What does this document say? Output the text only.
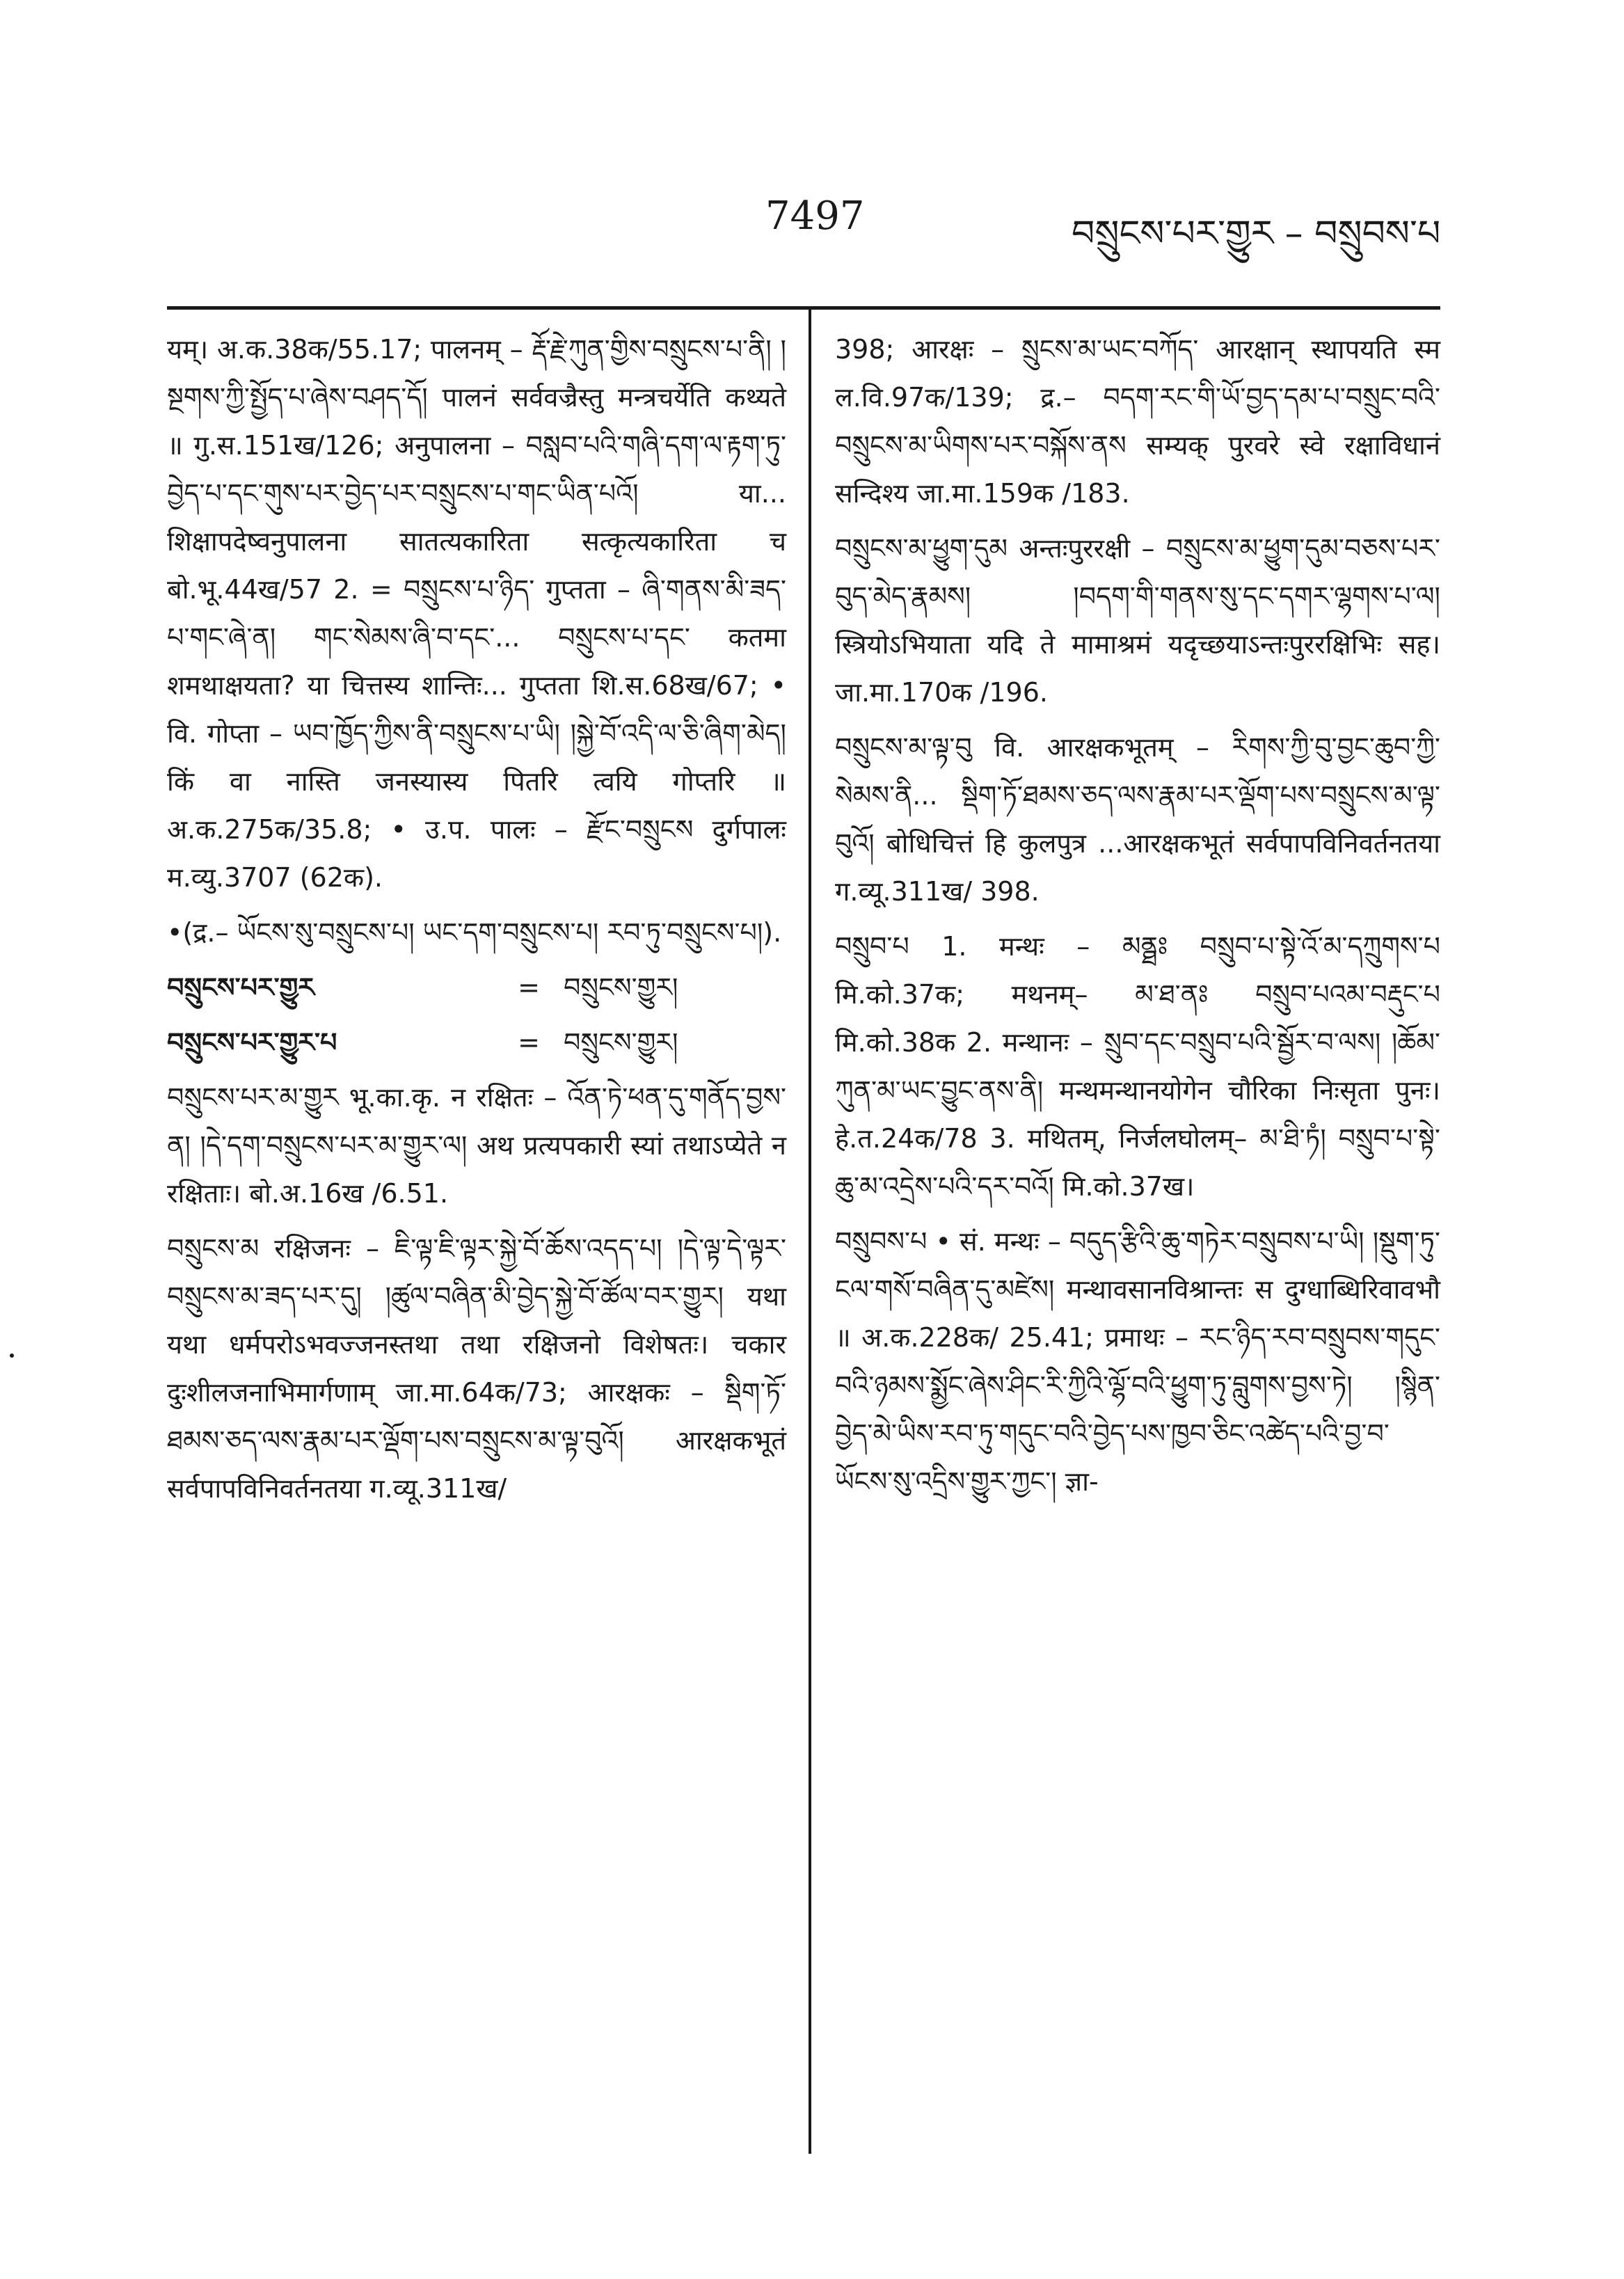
7497	བསྲུངས་པར་གྱུར – བསྲུབས་པ

यम्। अ.क.38क/55.17; पालनम् – རྡོ་རྗེ་ཀུན་གྱིས་བསྲུངས་པ་ནི། །སྔགས་ཀྱི་སྤྱོད་པ་ཞེས་བཤད་དོ། पालनं सर्ववज्रैस्तु मन्त्रचर्येति कथ्यते ॥ गु.स.151ख/126; अनुपालना – བསླབ་པའི་གཞི་དག་ལ་རྟག་ཏུ་བྱེད་པ་དང་གུས་པར་བྱེད་པར་བསྲུངས་པ་གང་ཡིན་པའོ། या... शिक्षापदेष्वनुपालना सातत्यकारिता सत्कृत्यकारिता च बो.भू.44ख/57 2. = བསྲུངས་པ་ཉིད་ गुप्तता – ཞི་གནས་མི་ཟད་པ་གང་ཞེ་ན། གང་སེམས་ཞི་བ་དང་... བསྲུངས་པ་དང་ कतमा शमथाक्षयता? या चित्तस्य शान्तिः... गुप्तता शि.स.68ख/67; • वि. गोप्ता – ཡབ་ཁྱོད་ཀྱིས་ནི་བསྲུངས་པ་ཡི། །སྐྱེ་བོ་འདི་ལ་ཅི་ཞིག་མེད། किं वा नास्ति जनस्यास्य पितरि त्वयि गोप्तरि ॥ अ.क.275क/35.8; • उ.प. पालः – རྫོང་བསྲུངས दुर्गपालः म.व्यु.3707 (62क).

•(द्र.– ཡོངས་སུ་བསྲུངས་པ། ཡང་དག་བསྲུངས་པ། རབ་ཏུ་བསྲུངས་པ།).

བསྲུངས་པར་གྱུར	= བསྲུངས་གྱུར།
བསྲུངས་པར་གྱུར་པ	= བསྲུངས་གྱུར།

བསྲུངས་པར་མ་གྱུར भू.का.कृ. न रक्षितः – འོན་ཏེ་ཕན་དུ་གནོད་བྱས་ན། །དེ་དག་བསྲུངས་པར་མ་གྱུར་ལ། अथ प्रत्यपकारी स्यां तथाऽप्येते न रक्षिताः। बो.अ.16ख /6.51.

བསྲུངས་མ रक्षिजनः – ཇི་ལྟ་ཇི་ལྟར་སྐྱེ་བོ་ཆོས་འདད་པ། །དེ་ལྟ་དེ་ལྟར་བསྲུངས་མ་ཟད་པར་དུ། །ཚུལ་བཞིན་མི་བྱེད་སྐྱེ་བོ་ཚོལ་བར་གྱུར། यथा यथा धर्मपरोऽभवज्जनस्तथा तथा रक्षिजनो विशेषतः। चकार दुःशीलजनाभिमार्गणाम् जा.मा.64क/73; आरक्षकः – སྡིག་ཏོ་ཐམས་ཅད་ལས་རྣམ་པར་ལྡོག་པས་བསྲུངས་མ་ལྟ་བུའོ། आरक्षकभूतं सर्वपापविनिवर्तनतया ग.व्यू.311ख/

398; आरक्षः – སྲུངས་མ་ཡང་བཀོད་ आरक्षान् स्थापयति स्म ल.वि.97क/139; द्र.– བདག་རང་གི་ཡོ་བྱད་དམ་པ་བསྲུང་བའི་བསྲུངས་མ་ཡིགས་པར་བསྐོས་ནས सम्यक् पुरवरे स्वे रक्षाविधानं सन्दिश्य जा.मा.159क /183.

བསྲུངས་མ་ཕྱུག་དུམ अन्तःपुररक्षी – བསྲུངས་མ་ཕྱུག་དུམ་བཅས་པར་བུད་མེད་རྣམས། །བདག་གི་གནས་སུ་དང་དགར་ལྷགས་པ་ལ། स्त्रियोऽभियाता यदि ते मामाश्रमं यदृच्छयाऽन्तःपुररक्षिभिः सह। जा.मा.170क /196.

བསྲུངས་མ་ལྟ་བུ वि. आरक्षकभूतम् – རིགས་ཀྱི་བུ་བྱང་ཆུབ་ཀྱི་སེམས་ནི... སྡིག་ཏོ་ཐམས་ཅད་ལས་རྣམ་པར་ལྡོག་པས་བསྲུངས་མ་ལྟ་བུའོ། बोधिचित्तं हि कुलपुत्र ...आरक्षकभूतं सर्वपापविनिवर्तनतया ग.व्यू.311ख/ 398.

བསྲུབ་པ 1. मन्थः – མནྠཿ བསྲུབ་པ་སྟེ་འོ་མ་དཀྲུགས་པ मि.को.37क; मथनम्– མ་ཐ་ནཿ བསྲུབ་པའམ་བརྡུང་པ मि.को.38क 2. मन्थानः – སྲུབ་དང་བསྲུབ་པའི་སྦྱོར་བ་ལས། །ཆོམ་ཀུན་མ་ཡང་བྱུང་ནས་ནི། मन्थमन्थानयोगेन चौरिका निःसृता पुनः। हे.त.24क/78 3. मथितम्, निर्जलघोलम्– མ་ཐི་ཏཾ། བསྲུབ་པ་སྟེ་ཆུ་མ་འདྲེས་པའི་དར་བའོ། मि.को.37ख।

བསྲུབས་པ • सं. मन्थः – བདུད་རྩིའི་ཆུ་གཏེར་བསྲུབས་པ་ཡི། །སྡུག་ཏུ་ངལ་གསོ་བཞིན་དུ་མཛེས། मन्थावसानविश्रान्तः स दुग्धाब्धिरिवावभौ ॥ अ.क.228क/ 25.41; प्रमाथः – རང་ཉིད་རབ་བསྲུབས་གདུང་བའི་ཉམས་སྨྱོང་ཞེས་ཤིང་རི་ཀྱིའི་ལྷོ་བའི་ཕྱུག་ཏུ་བླུགས་བྱས་ཏེ། །སྙིན་བྱེད་མེ་ཡིས་རབ་ཏུ་གདུང་བའི་བྱེད་པས་ཁྱབ་ཅིང་འཚེད་པའི་བྱ་བ་ཡོངས་སུ་འདྲིས་གྱུར་ཀྱང་། ज्ञा-
